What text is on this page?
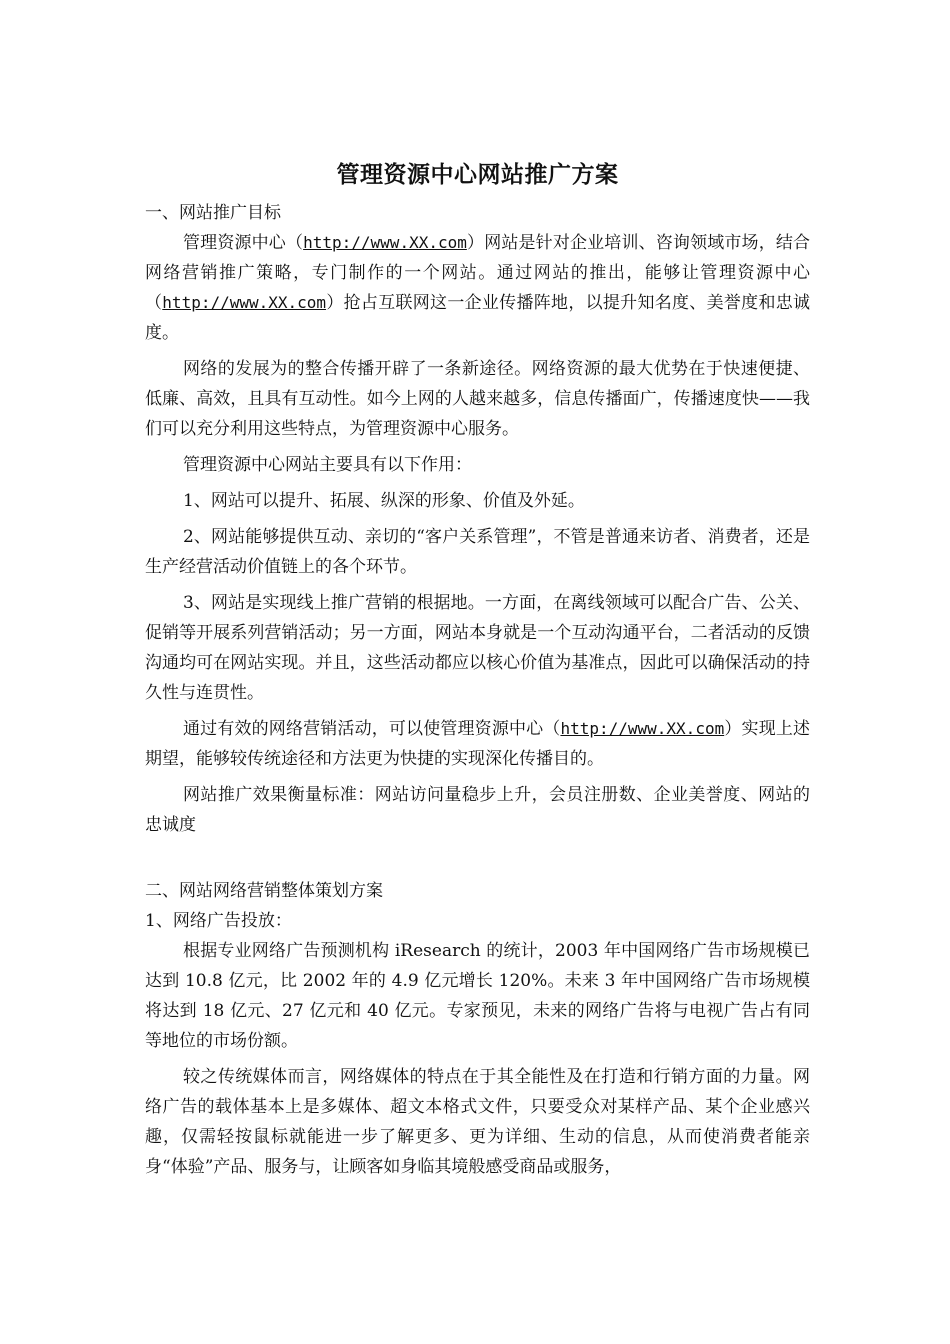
管理资源中心网站推广方案

一、网站推广目标

管理资源中心（http://www.XX.com）网站是针对企业培训、咨询领域市场，结合网络营销推广策略，专门制作的一个网站。通过网站的推出，能够让管理资源中心（http://www.XX.com）抢占互联网这一企业传播阵地，以提升知名度、美誉度和忠诚度。

网络的发展为的整合传播开辟了一条新途径。网络资源的最大优势在于快速便捷、低廉、高效，且具有互动性。如今上网的人越来越多，信息传播面广，传播速度快——我们可以充分利用这些特点，为管理资源中心服务。

管理资源中心网站主要具有以下作用：

1、网站可以提升、拓展、纵深的形象、价值及外延。

2、网站能够提供互动、亲切的“客户关系管理”，不管是普通来访者、消费者，还是生产经营活动价值链上的各个环节。

3、网站是实现线上推广营销的根据地。一方面，在离线领域可以配合广告、公关、促销等开展系列营销活动；另一方面，网站本身就是一个互动沟通平台，二者活动的反馈沟通均可在网站实现。并且，这些活动都应以核心价值为基准点，因此可以确保活动的持久性与连贯性。

通过有效的网络营销活动，可以使管理资源中心（http://www.XX.com）实现上述期望，能够较传统途径和方法更为快捷的实现深化传播目的。

网站推广效果衡量标准：网站访问量稳步上升，会员注册数、企业美誉度、网站的忠诚度

二、网站网络营销整体策划方案

1、网络广告投放：

根据专业网络广告预测机构 iResearch 的统计，2003 年中国网络广告市场规模已达到 10.8 亿元，比 2002 年的 4.9 亿元增长 120%。未来 3 年中国网络广告市场规模将达到 18 亿元、27 亿元和 40 亿元。专家预见，未来的网络广告将与电视广告占有同等地位的市场份额。

较之传统媒体而言，网络媒体的特点在于其全能性及在打造和行销方面的力量。网络广告的载体基本上是多媒体、超文本格式文件，只要受众对某样产品、某个企业感兴趣，仅需轻按鼠标就能进一步了解更多、更为详细、生动的信息，从而使消费者能亲身“体验”产品、服务与，让顾客如身临其境般感受商品或服务，
